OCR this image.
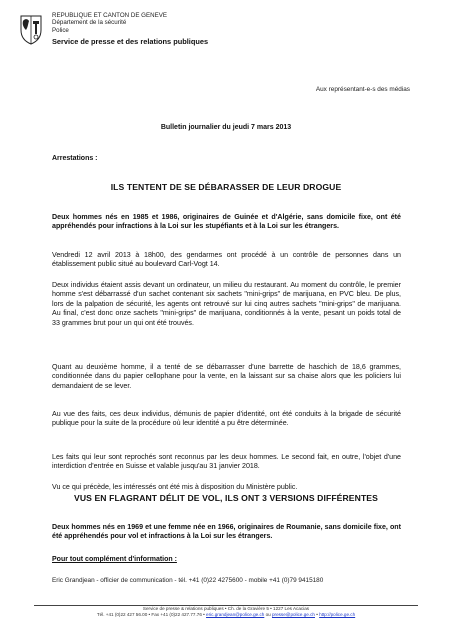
REPUBLIQUE ET CANTON DE GENEVE
Département de la sécurité
Police
Service de presse et des relations publiques
Aux représentant-e-s des médias
Bulletin journalier du jeudi 7 mars 2013
Arrestations :
ILS TENTENT DE SE DÉBARASSER DE LEUR DROGUE
Deux hommes nés en 1985 et 1986, originaires de Guinée et d'Algérie, sans domicile fixe, ont été appréhendés pour infractions à la Loi sur les stupéfiants et à la Loi sur les étrangers.
Vendredi 12 avril 2013 à 18h00, des gendarmes ont procédé à un contrôle de personnes dans un établissement public situé au boulevard Carl-Vogt 14.
Deux individus étaient assis devant un ordinateur, un milieu du restaurant. Au moment du contrôle, le premier homme s'est débarrassé d'un sachet contenant six sachets "mini-grips" de marijuana, en PVC bleu. De plus, lors de la palpation de sécurité, les agents ont retrouvé sur lui cinq autres sachets "mini-grips" de marijuana. Au final, c'est donc onze sachets "mini-grips" de marijuana, conditionnés à la vente, pesant un poids total de 33 grammes brut pour un qui ont été trouvés.
Quant au deuxième homme, il a tenté de se débarrasser d'une barrette de haschich de 18,6 grammes, conditionnée dans du papier cellophane pour la vente, en la laissant sur sa chaise alors que les policiers lui demandaient de se lever.
Au vue des faits, ces deux individus, démunis de papier d'identité, ont été conduits à la brigade de sécurité publique pour la suite de la procédure où leur identité a pu être déterminée.
Les faits qui leur sont reprochés sont reconnus par les deux hommes. Le second fait, en outre, l'objet d'une interdiction d'entrée en Suisse et valable jusqu'au 31 janvier 2018.
Vu ce qui précède, les intéressés ont été mis à disposition du Ministère public.
VUS EN FLAGRANT DÉLIT DE VOL, ILS ONT 3 VERSIONS DIFFÉRENTES
Deux hommes nés en 1969 et une femme née en 1966, originaires de Roumanie, sans domicile fixe, ont été appréhendés pour vol et infractions à la Loi sur les étrangers.
Pour tout complément d'information :
Eric Grandjean - officier de communication - tél. +41 (0)22 4275600 - mobile +41 (0)79 9415180
Service de presse & relations publiques • Ch. de la Gravière 5 • 1227 Les Acacias
Tél. +41 (0)22 427 56.00 • Fax +41 (0)22 427.77.76 • eric.grandjean@police.ge.ch ou presse@police.ge.ch • http://police.ge.ch
